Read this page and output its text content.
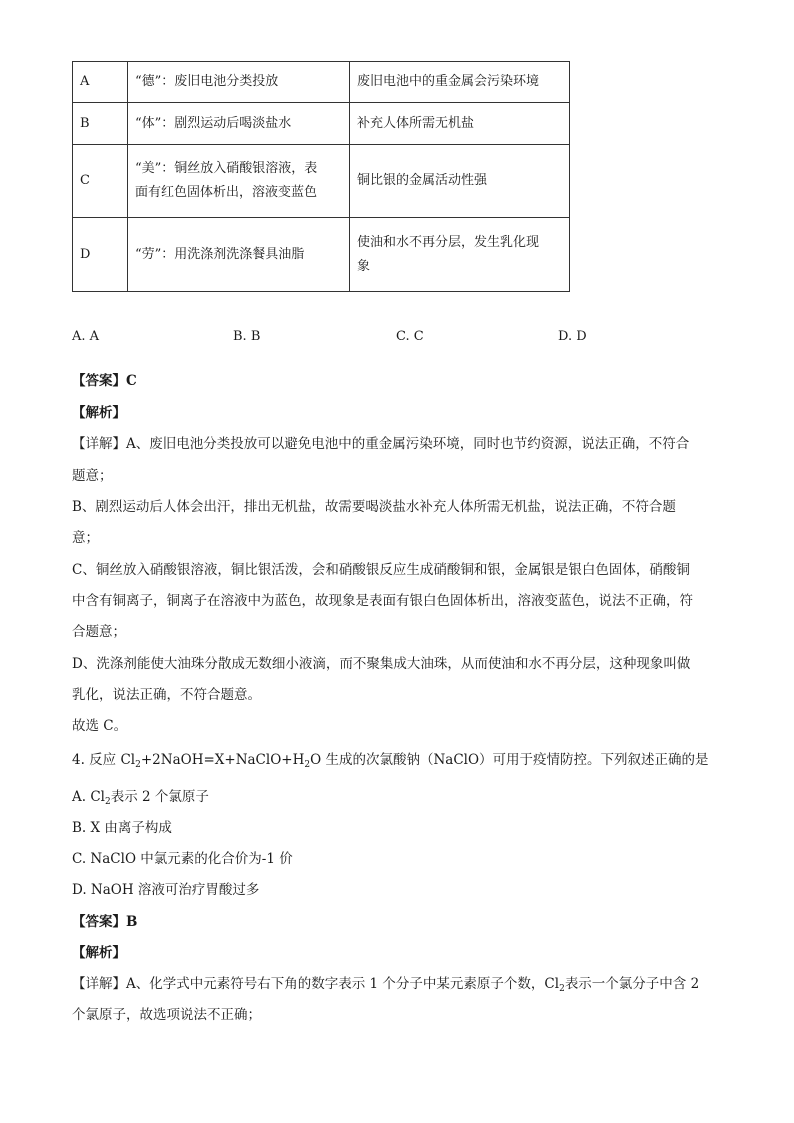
A	“德”：废旧电池分类投放	废旧电池中的重金属会污染环境
B	“体”：剧烈运动后喝淡盐水	补充人体所需无机盐
C	“美”：铜丝放入硝酸银溶液，表
面有红色固体析出，溶液变蓝色	铜比银的金属活动性强
D	“劳”：用洗涤剂洗涤餐具油脂	使油和水不再分层，发生乳化现
象
A. A	B. B	C. C	D. D
【答案】C
【解析】
【详解】A、废旧电池分类投放可以避免电池中的重金属污染环境，同时也节约资源，说法正确，不符合
题意；
B、剧烈运动后人体会出汗，排出无机盐，故需要喝淡盐水补充人体所需无机盐，说法正确，不符合题
意；
C、铜丝放入硝酸银溶液，铜比银活泼，会和硝酸银反应生成硝酸铜和银，金属银是银白色固体，硝酸铜
中含有铜离子，铜离子在溶液中为蓝色，故现象是表面有银白色固体析出，溶液变蓝色，说法不正确，符
合题意；
D、洗涤剂能使大油珠分散成无数细小液滴，而不聚集成大油珠，从而使油和水不再分层，这种现象叫做
乳化，说法正确，不符合题意。
故选 C。
4. 反应 $Cl_2+2NaOH=X+NaClO+H_2O$ 生成的次氯酸钠（NaClO）可用于疫情防控。下列叙述正确的是
A. $Cl_2$表示 2 个氯原子
B. X 由离子构成
C. NaClO 中氯元素的化合价为-1 价
D. NaOH 溶液可治疗胃酸过多
【答案】B
【解析】
【详解】A、化学式中元素符号右下角的数字表示 1 个分子中某元素原子个数，$Cl_2$表示一个氯分子中含 2
个氯原子，故选项说法不正确；
